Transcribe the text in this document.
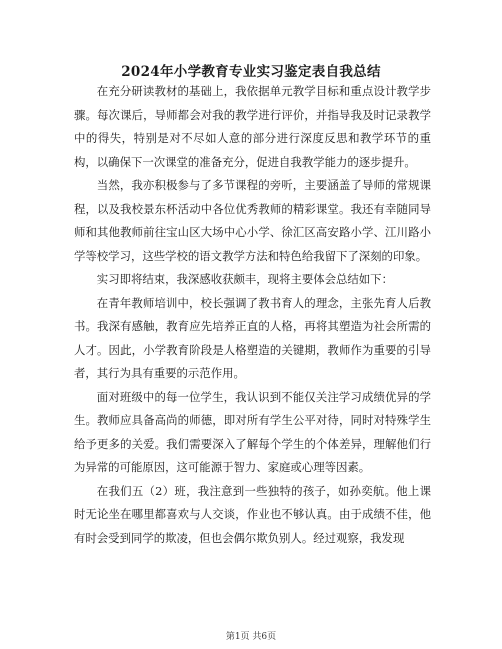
2024年小学教育专业实习鉴定表自我总结

在充分研读教材的基础上，我依据单元教学目标和重点设计教学步骤。每次课后，导师都会对我的教学进行评价，并指导我及时记录教学中的得失，特别是对不尽如人意的部分进行深度反思和教学环节的重构，以确保下一次课堂的准备充分，促进自我教学能力的逐步提升。

当然，我亦积极参与了多节课程的旁听，主要涵盖了导师的常规课程，以及我校景东杯活动中各位优秀教师的精彩课堂。我还有幸随同导师和其他教师前往宝山区大场中心小学、徐汇区高安路小学、江川路小学等校学习，这些学校的语文教学方法和特色给我留下了深刻的印象。

实习即将结束，我深感收获颇丰，现将主要体会总结如下：

在青年教师培训中，校长强调了教书育人的理念，主张先育人后教书。我深有感触，教育应先培养正直的人格，再将其塑造为社会所需的人才。因此，小学教育阶段是人格塑造的关键期，教师作为重要的引导者，其行为具有重要的示范作用。

面对班级中的每一位学生，我认识到不能仅关注学习成绩优异的学生。教师应具备高尚的师德，即对所有学生公平对待，同时对特殊学生给予更多的关爱。我们需要深入了解每个学生的个体差异，理解他们行为异常的可能原因，这可能源于智力、家庭或心理等因素。

在我们五（2）班，我注意到一些独特的孩子，如孙奕航。他上课时无论坐在哪里都喜欢与人交谈，作业也不够认真。由于成绩不佳，他有时会受到同学的欺凌，但也会偶尔欺负别人。经过观察，我发现

第1页 共6页
